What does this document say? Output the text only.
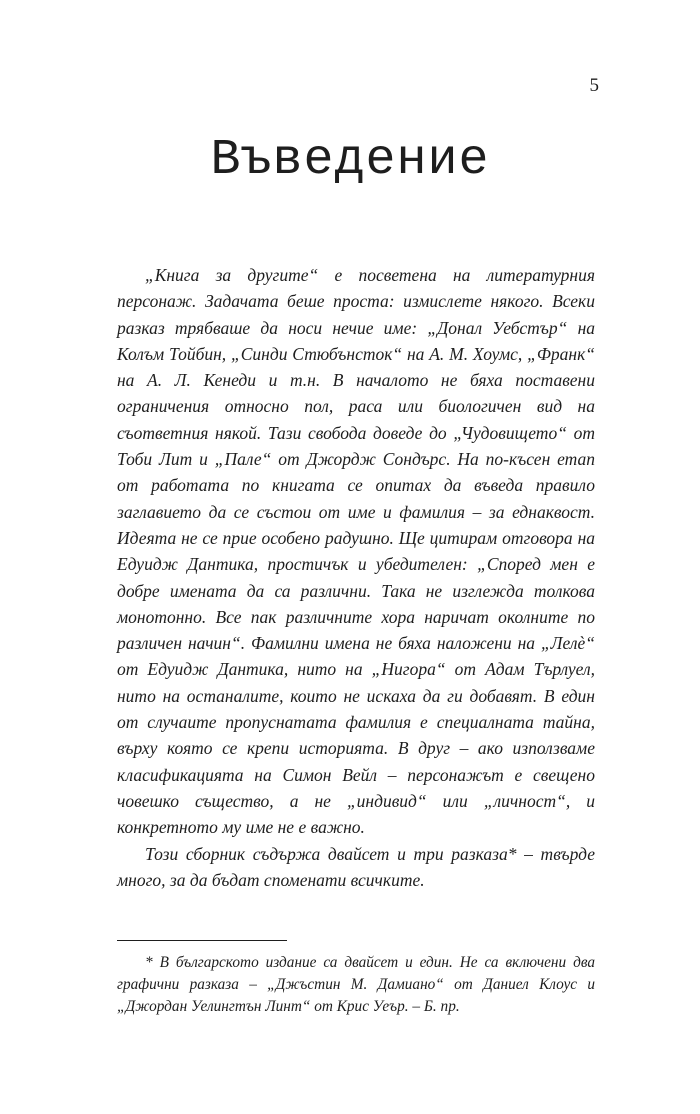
5
Въведение

„Книга за другите“ е посветена на литературния персонаж. Задачата беше проста: измислете някого. Всеки разказ трябваше да носи нечие име: „Донал Уебстър“ на Колъм Тойбин, „Синди Стюбънсток“ на А. М. Хоумс, „Франк“ на А. Л. Кенеди и т.н. В началото не бяха поставени ограничения относно пол, раса или биологичен вид на съответния някой. Тази свобода доведе до „Чудовището“ от Тоби Лит и „Пале“ от Джордж Сондърс. На по-късен етап от работата по книгата се опитах да въведа правило заглавието да се състои от име и фамилия – за еднаквост. Идеята не се прие особено радушно. Ще цитирам отговора на Едуидж Дантика, простичък и убедителен: „Според мен е добре имената да са различни. Така не изглежда толкова монотонно. Все пак различните хора наричат околните по различен начин“. Фамилни имена не бяха наложени на „Лелѐ“ от Едуидж Дантика, нито на „Нигора“ от Адам Търлуел, нито на останалите, които не искаха да ги добавят. В един от случаите пропуснатата фамилия е специалната тайна, върху която се крепи историята. В друг – ако използваме класификацията на Симон Вейл – персонажът е свещено човешко същество, а не „индивид“ или „личност“, и конкретното му име не е важно.

Този сборник съдържа двайсет и три разказа* – твърде много, за да бъдат споменати всичките.

* В българското издание са двайсет и един. Не са включени два графични разказа – „Джъстин М. Дамиано“ от Даниел Клоус и „Джордан Уелингтън Линт“ от Крис Уеър. – Б. пр.
